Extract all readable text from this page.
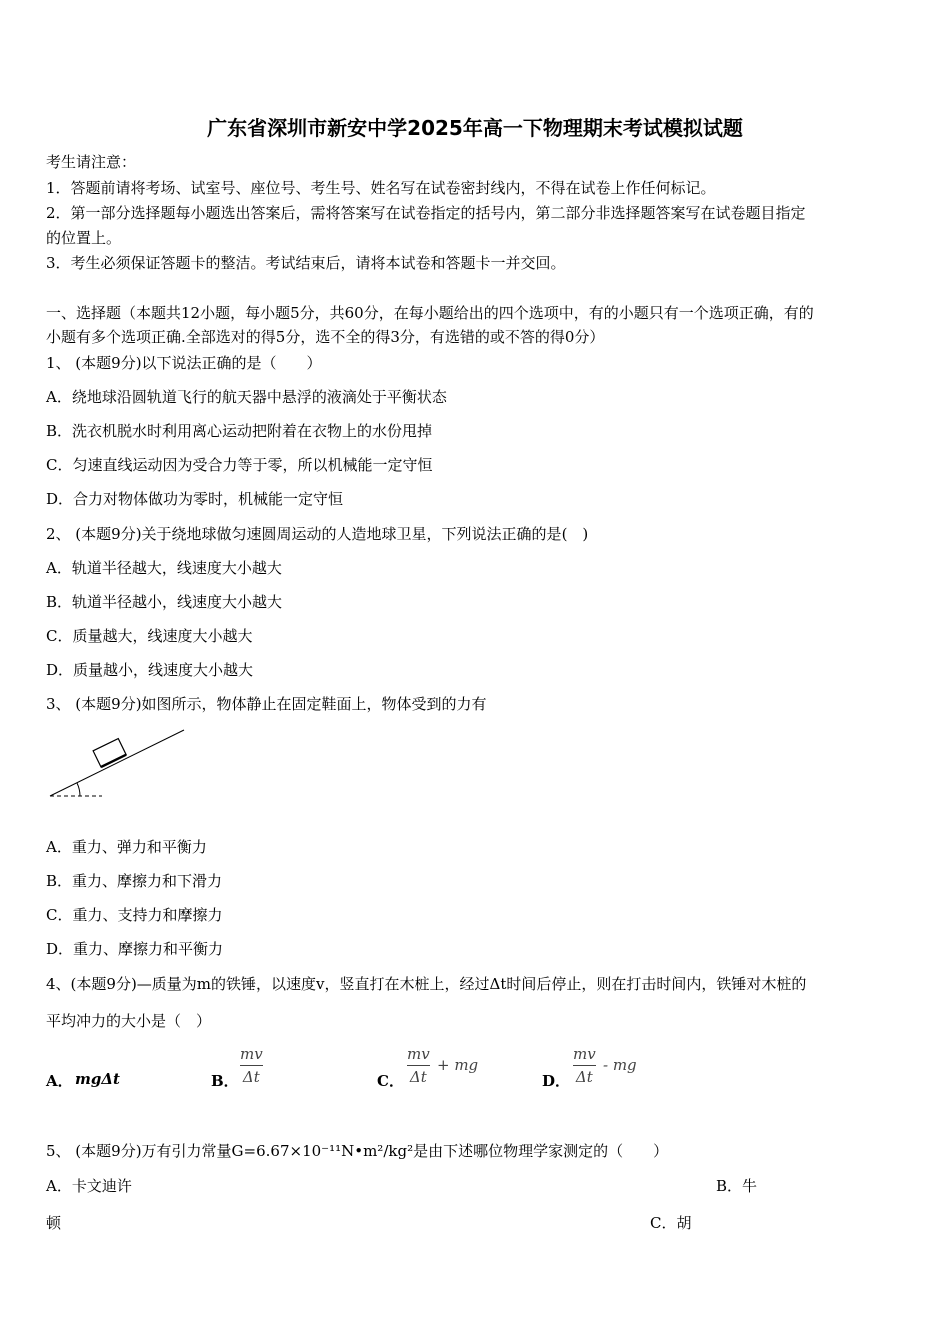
广东省深圳市新安中学2025年高一下物理期末考试模拟试题
考生请注意：
1．答题前请将考场、试室号、座位号、考生号、姓名写在试卷密封线内，不得在试卷上作任何标记。
2．第一部分选择题每小题选出答案后，需将答案写在试卷指定的括号内，第二部分非选择题答案写在试卷题目指定
的位置上。
3．考生必须保证答题卡的整洁。考试结束后，请将本试卷和答题卡一并交回。
一、选择题（本题共12小题，每小题5分，共60分，在每小题给出的四个选项中，有的小题只有一个选项正确，有的
小题有多个选项正确.全部选对的得5分，选不全的得3分，有选错的或不答的得0分）
1、 (本题9分)以下说法正确的是（　　）
A．绕地球沿圆轨道飞行的航天器中悬浮的液滴处于平衡状态
B．洗衣机脱水时利用离心运动把附着在衣物上的水份甩掉
C．匀速直线运动因为受合力等于零，所以机械能一定守恒
D．合力对物体做功为零时，机械能一定守恒
2、 (本题9分)关于绕地球做匀速圆周运动的人造地球卫星，下列说法正确的是(　)
A．轨道半径越大，线速度大小越大
B．轨道半径越小，线速度大小越大
C．质量越大，线速度大小越大
D．质量越小，线速度大小越大
3、 (本题9分)如图所示，物体静止在固定鞋面上，物体受到的力有
A．重力、弹力和平衡力
B．重力、摩擦力和下滑力
C．重力、支持力和摩擦力
D．重力、摩擦力和平衡力
4、(本题9分)—质量为m的铁锤，以速度v，竖直打在木桩上，经过Δt时间后停止，则在打击时间内，铁锤对木桩的
平均冲力的大小是（　）
A． mgΔt	B．
mv
Δt	C．
mv
Δt
+ mg
D．
mv
Δt
- mg
5、 (本题9分)万有引力常量G=6.67×10⁻¹¹N•m²/kg²是由下述哪位物理学家测定的（　　）
A．卡文迪许	B．牛
顿	C．胡
